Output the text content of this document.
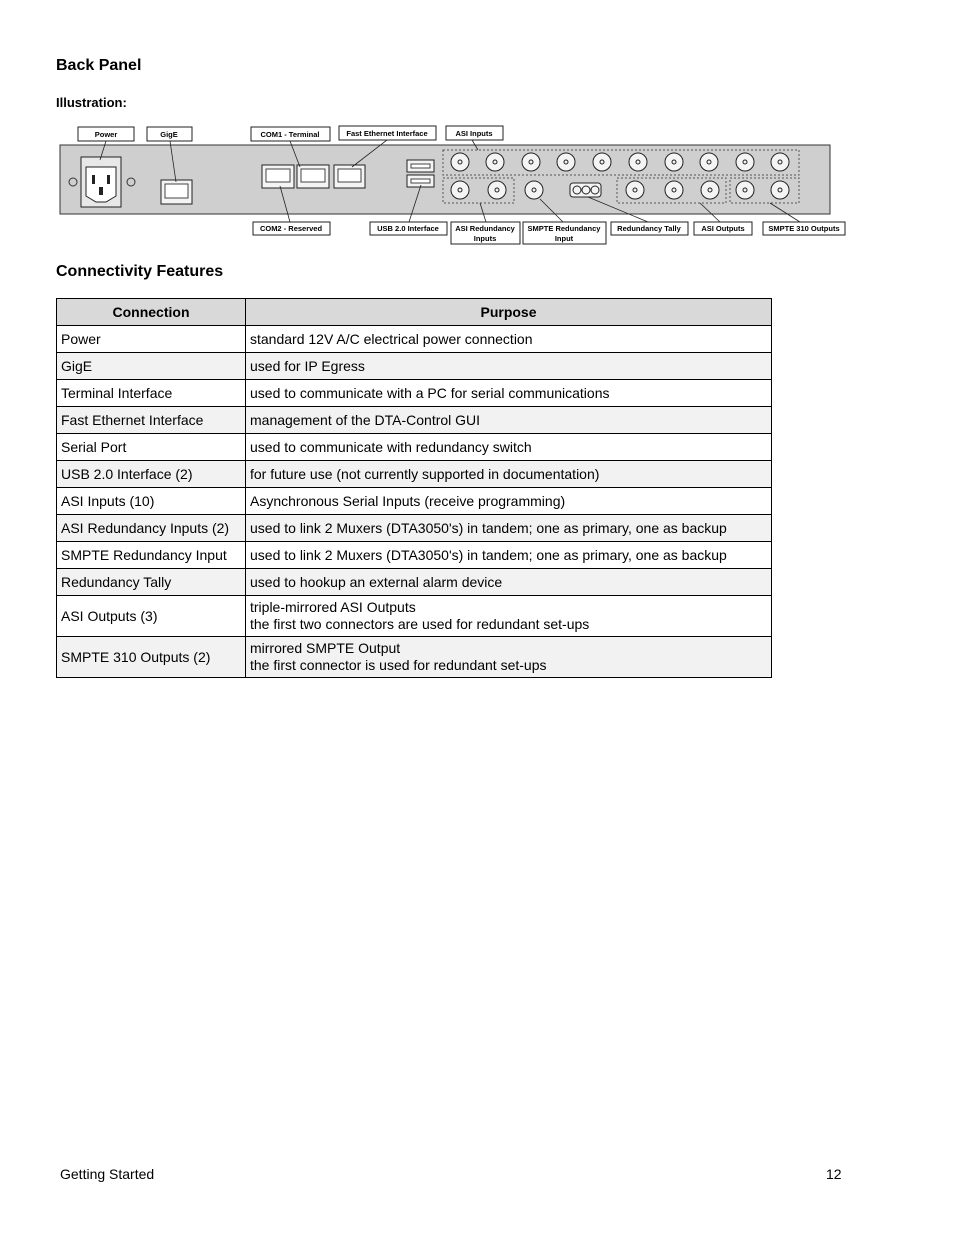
Back Panel
Illustration:
Power	GigE	COM1 - Terminal	Fast Ethernet Interface	ASI Inputs
COM2 - Reserved	USB 2.0 Interface ASI Redundancy
Inputs
SMPTE Redundancy
Input
Redundancy Tally	ASI Outputs	SMPTE 310 Outputs
Connectivity Features
Connection	Purpose
Power	standard 12V A/C electrical power connection

GigE	used for IP Egress

Terminal Interface	used to communicate with a PC for serial communications

Fast Ethernet Interface	management of the DTA-Control GUI

Serial Port	used to communicate with redundancy switch

USB 2.0 Interface (2)	for future use (not currently supported in documentation)

ASI Inputs (10)	Asynchronous Serial Inputs (receive programming)

ASI Redundancy Inputs (2)	used to link 2 Muxers (DTA3050's) in tandem; one as primary, one as backup

SMPTE Redundancy Input	used to link 2 Muxers (DTA3050's) in tandem; one as primary, one as backup

Redundancy Tally	used to hookup an external alarm device

ASI Outputs (3)	triple-mirrored ASI Outputs
the first two connectors are used for redundant set-ups

SMPTE 310 Outputs (2)	mirrored SMPTE Output
the first connector is used for redundant set-ups
Getting Started	12
